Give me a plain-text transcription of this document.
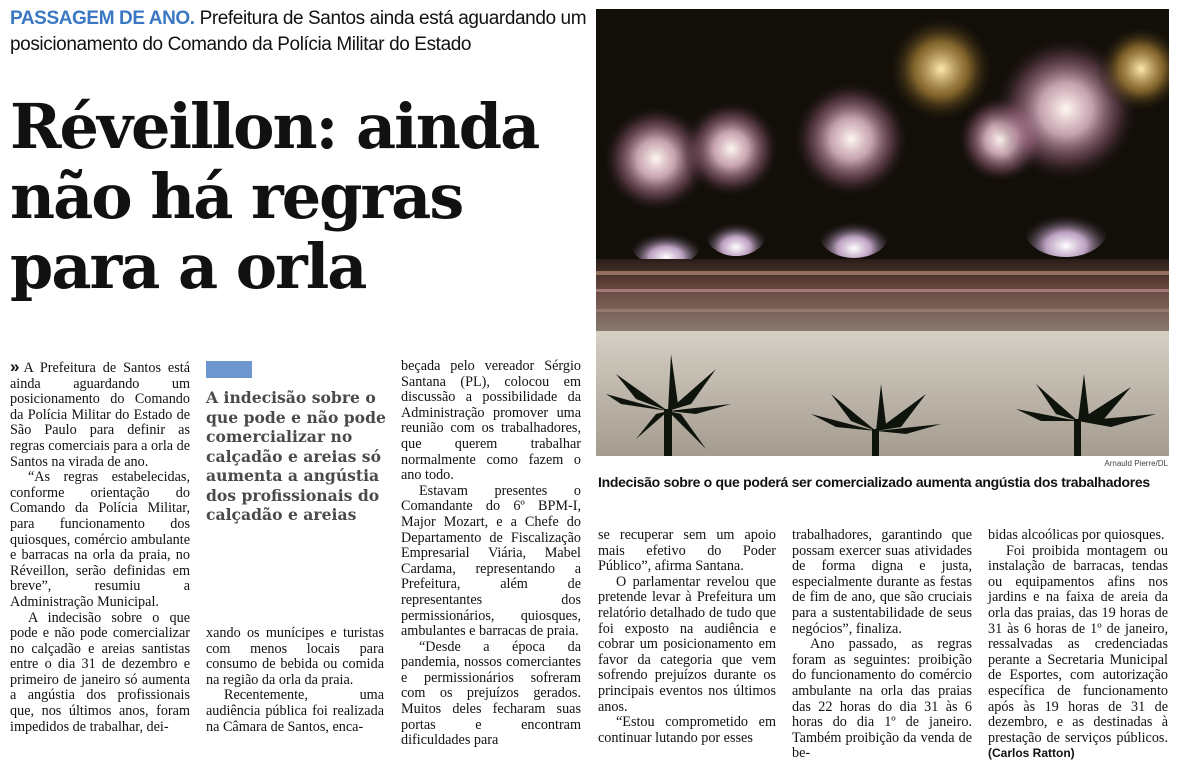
PASSAGEM DE ANO. Prefeitura de Santos ainda está aguardando um posicionamento do Comando da Polícia Militar do Estado
Réveillon: ainda não há regras para a orla
Arnauld Pierre/DL
Indecisão sobre o que poderá ser comercializado aumenta angústia dos trabalhadores

» A Prefeitura de Santos está ainda aguardando um posicionamento do Comando da Polícia Militar do Estado de São Paulo para definir as regras comerciais para a orla de Santos na virada de ano.

“As regras estabelecidas, conforme orientação do Comando da Polícia Militar, para funcionamento dos quiosques, comércio ambulante e barracas na orla da praia, no Réveillon, serão definidas em breve”, resumiu a Administração Municipal.

A indecisão sobre o que pode e não pode comercializar no calçadão e areias santistas entre o dia 31 de dezembro e primeiro de janeiro só aumenta a angústia dos profissionais que, nos últimos anos, foram impedidos de trabalhar, dei-

A indecisão sobre o que pode e não pode comercializar no calçadão e areias só aumenta a angústia dos profissionais do calçadão e areias

xando os munícipes e turistas com menos locais para consumo de bebida ou comida na região da orla da praia.

Recentemente, uma audiência pública foi realizada na Câmara de Santos, enca-

beçada pelo vereador Sérgio Santana (PL), colocou em discussão a possibilidade da Administração promover uma reunião com os trabalhadores, que querem trabalhar normalmente como fazem o ano todo.

Estavam presentes o Comandante do 6º BPM-I, Major Mozart, e a Chefe do Departamento de Fiscalização Empresarial Viária, Mabel Cardama, representando a Prefeitura, além de representantes dos permissionários, quiosques, ambulantes e barracas de praia.

“Desde a época da pandemia, nossos comerciantes e permissionários sofreram com os prejuízos gerados. Muitos deles fecharam suas portas e encontram dificuldades para

se recuperar sem um apoio mais efetivo do Poder Público”, afirma Santana.

O parlamentar revelou que pretende levar à Prefeitura um relatório detalhado de tudo que foi exposto na audiência e cobrar um posicionamento em favor da categoria que vem sofrendo prejuízos durante os principais eventos nos últimos anos.

“Estou comprometido em continuar lutando por esses

trabalhadores, garantindo que possam exercer suas atividades de forma digna e justa, especialmente durante as festas de fim de ano, que são cruciais para a sustentabilidade de seus negócios”, finaliza.

Ano passado, as regras foram as seguintes: proibição do funcionamento do comércio ambulante na orla das praias das 22 horas do dia 31 às 6 horas do dia 1º de janeiro. Também proibição da venda de be-

bidas alcoólicas por quiosques.

Foi proibida montagem ou instalação de barracas, tendas ou equipamentos afins nos jardins e na faixa de areia da orla das praias, das 19 horas de 31 às 6 horas de 1º de janeiro, ressalvadas as credenciadas perante a Secretaria Municipal de Esportes, com autorização específica de funcionamento após às 19 horas de 31 de dezembro, e as destinadas à prestação de serviços públicos. (Carlos Ratton)
